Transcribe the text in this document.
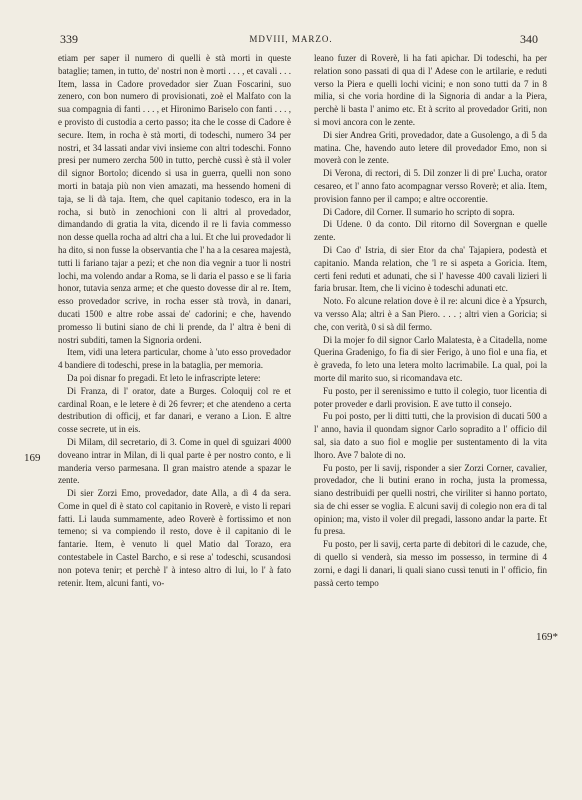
339	MDVIII, MARZO.	340
169
169*

etiam per saper il numero di quelli è stà morti in queste bataglie; tamen, in tutto, de' nostri non è morti . . . , et cavali . . . Item, lassa in Cadore provedador sier Zuan Foscarini, suo zenero, con bon numero di provisionati, zoè el Malfato con la sua compagnia di fanti . . . , et Hironimo Bariselo con fanti . . . , e provisto di custodia a certo passo; ita che le cosse di Cadore è secure. Item, in rocha è stà morti, di todeschi, numero 34 per nostri, et 34 lassati andar vivi insieme con altri todeschi. Fonno presi per numero zercha 500 in tutto, perchè cussì è stà il voler dil signor Bortolo; dicendo si usa in guerra, quelli non sono morti in bataja più non vien amazati, ma hessendo homeni di taja, se li dà taja. Item, che quel capitanio todesco, era in la rocha, si butò in zenochioni con li altri al provedador, dimandando di gratia la vita, dicendo il re li favia commesso non desse quella rocha ad altri cha a lui. Et che lui provedador li ha dito, si non fusse la observantia che l' ha a la cesarea majestà, tutti li fariano tajar a pezi; et che non dia vegnir a tuor li nostri lochi, ma volendo andar a Roma, se li daria el passo e se li faria honor, tutavia senza arme; et che questo dovesse dir al re. Item, esso provedador scrive, in rocha esser stà trovà, in danari, ducati 1500 e altre robe assai de' cadorini; e che, havendo promesso li butini siano de chi li prende, da l' altra è beni di nostri subditi, tamen la Signoria ordeni.

Item, vidi una letera particular, chome à 'uto esso provedador 4 bandiere di todeschi, prese in la bataglia, per memoria.

Da poi disnar fo pregadi. Et leto le infrascripte letere:

Di Franza, di l' orator, date a Burges. Coloquij col re et cardinal Roan, e le letere è di 26 fevrer; et che atendeno a certa destribution di officij, et far danari, e verano a Lion. E altre cosse secrete, ut in eis.

Di Milam, dil secretario, di 3. Come in quel dì sguizari 4000 doveano intrar in Milan, di li qual parte è per nostro conto, e li manderia verso parmesana. Il gran maistro atende a spazar le zente.

Di sier Zorzi Emo, provedador, date Alla, a dì 4 da sera. Come in quel dì è stato col capitanio in Roverè, e visto li repari fatti. Li lauda summamente, adeo Roverè è fortissimo et non temeno; si va compiendo il resto, dove è il capitanio di le fantarie. Item, è venuto li quel Matio dal Torazo, era contestabele in Castel Barcho, e si rese a' todeschi, scusandosi non poteva tenir; et perchè l' à inteso altro di lui, lo l' à fato retenir. Item, alcuni fanti, vo-

leano fuzer di Roverè, li ha fati apichar. Di todeschi, ha per relation sono passati di qua di l' Adese con le artilarie, e reduti verso la Piera e quelli lochi vicini; e non sono tutti da 7 in 8 milia, si che voria hordine di la Signoria di andar a la Piera, perchè li basta l' animo etc. Et à scrito al provedador Griti, non si movi ancora con le zente.

Di sier Andrea Griti, provedador, date a Gusolengo, a dì 5 da matina. Che, havendo auto letere dil provedador Emo, non si moverà con le zente.

Di Verona, di rectori, di 5. Dil zonzer li di pre' Lucha, orator cesareo, et l' anno fato acompagnar versso Roverè; et alia. Item, provision fanno per il campo; e altre occorentie.

Di Cadore, dil Corner. Il sumario ho scripto di sopra.

Di Udene. 0 da conto. Dil ritorno dil Sovergnan e quelle zente.

Di Cao d' Istria, di sier Etor da cha' Tajapiera, podestà et capitanio. Manda relation, che 'l re si aspeta a Goricia. Item, certi feni reduti et adunati, che si l' havesse 400 cavali lizieri li faria brusar. Item, che li vicino è todeschi adunati etc.

Noto. Fo alcune relation dove è il re: alcuni dice è a Ypsurch, va versso Ala; altri è a San Piero. . . . ; altri vien a Goricia; si che, con verità, 0 si sà dil fermo.

Di la mojer fo dil signor Carlo Malatesta, è a Citadella, nome Querina Gradenigo, fo fia di sier Ferigo, à uno fiol e una fia, et è graveda, fo leto una letera molto lacrimabile. La qual, poi la morte dil marito suo, si ricomandava etc.

Fu posto, per il serenissimo e tutto il colegio, tuor licentia di poter proveder e darli provision. E ave tutto il consejo.

Fu poi posto, per li ditti tutti, che la provision di ducati 500 a l' anno, havia il quondam signor Carlo sopradito a l' officio dil sal, sia dato a suo fiol e moglie per sustentamento di la vita lhoro. Ave 7 balote di no.

Fu posto, per li savij, risponder a sier Zorzi Corner, cavalier, provedador, che li butini erano in rocha, justa la promessa, siano destribuidi per quelli nostri, che viriliter si hanno portato, sia de chi esser se voglia. E alcuni savij di colegio non era di tal opinion; ma, visto il voler dil pregadi, lassono andar la parte. Et fu presa.

Fu posto, per li savij, certa parte di debitori di le cazude, che, di quello si venderà, sia messo im possesso, in termine di 4 zorni, e dagi li danari, li quali siano cussì tenuti in l' officio, fin passà certo tempo
